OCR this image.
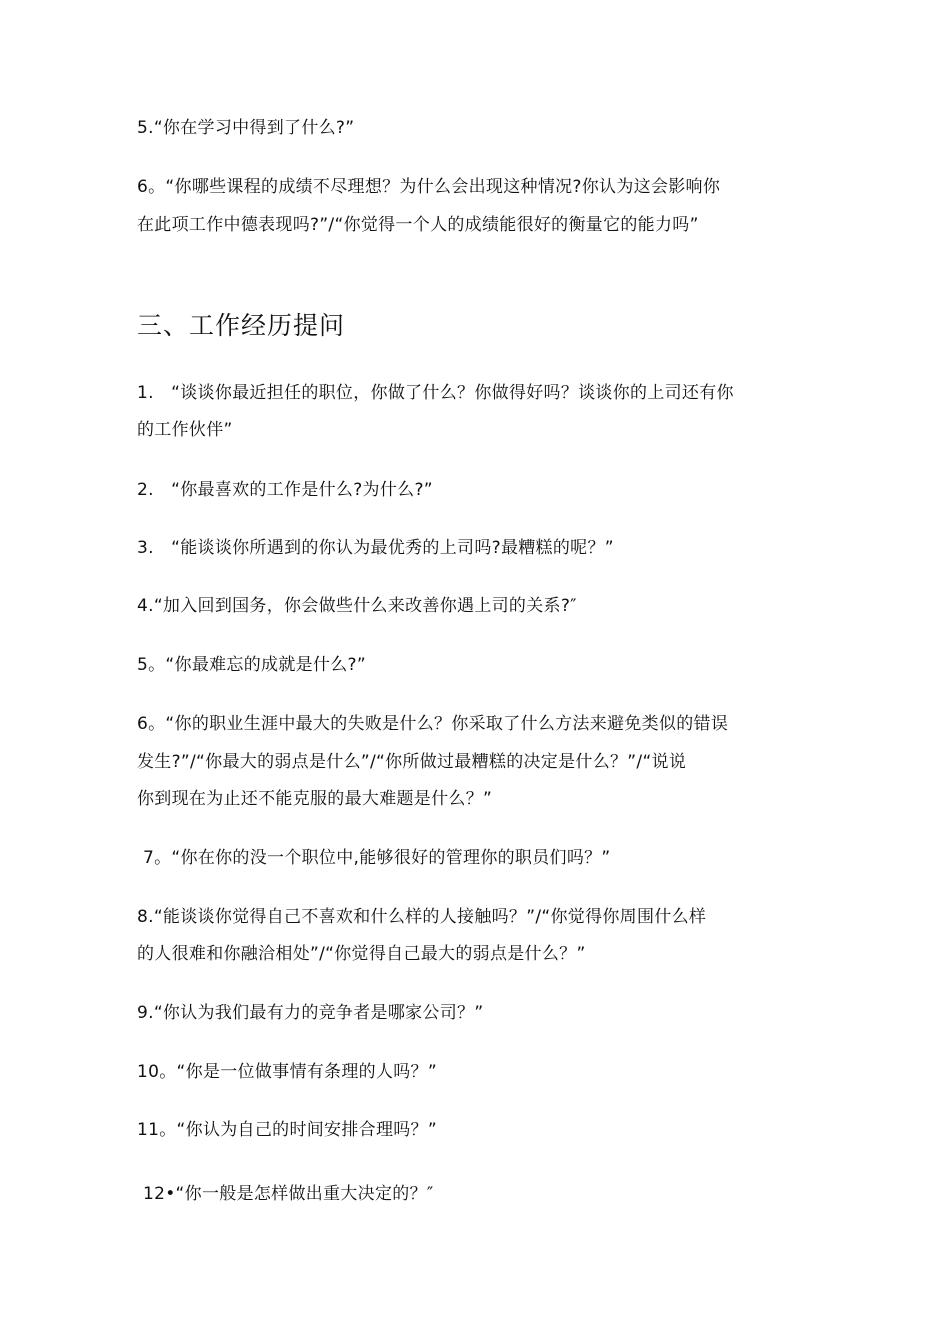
5.“你在学习中得到了什么?”
6。“你哪些课程的成绩不尽理想？为什么会出现这种情况?你认为这会影响你
在此项工作中德表现吗?”/“你觉得一个人的成绩能很好的衡量它的能力吗”
三、工作经历提问
1.　“谈谈你最近担任的职位，你做了什么？你做得好吗？谈谈你的上司还有你
的工作伙伴”
2.　“你最喜欢的工作是什么?为什么?”
3.　“能谈谈你所遇到的你认为最优秀的上司吗?最糟糕的呢？”
4.“加入回到国务，你会做些什么来改善你遇上司的关系?″
5。“你最难忘的成就是什么?”
6。“你的职业生涯中最大的失败是什么？你采取了什么方法来避免类似的错误
发生?”/“你最大的弱点是什么”/“你所做过最糟糕的决定是什么？”/“说说
你到现在为止还不能克服的最大难题是什么？”
7。“你在你的没一个职位中,能够很好的管理你的职员们吗？”
8.“能谈谈你觉得自己不喜欢和什么样的人接触吗？”/“你觉得你周围什么样
的人很难和你融洽相处”/“你觉得自己最大的弱点是什么？”
9.“你认为我们最有力的竞争者是哪家公司？”
10。“你是一位做事情有条理的人吗？”
11。“你认为自己的时间安排合理吗？”
12•“你一般是怎样做出重大决定的？″
